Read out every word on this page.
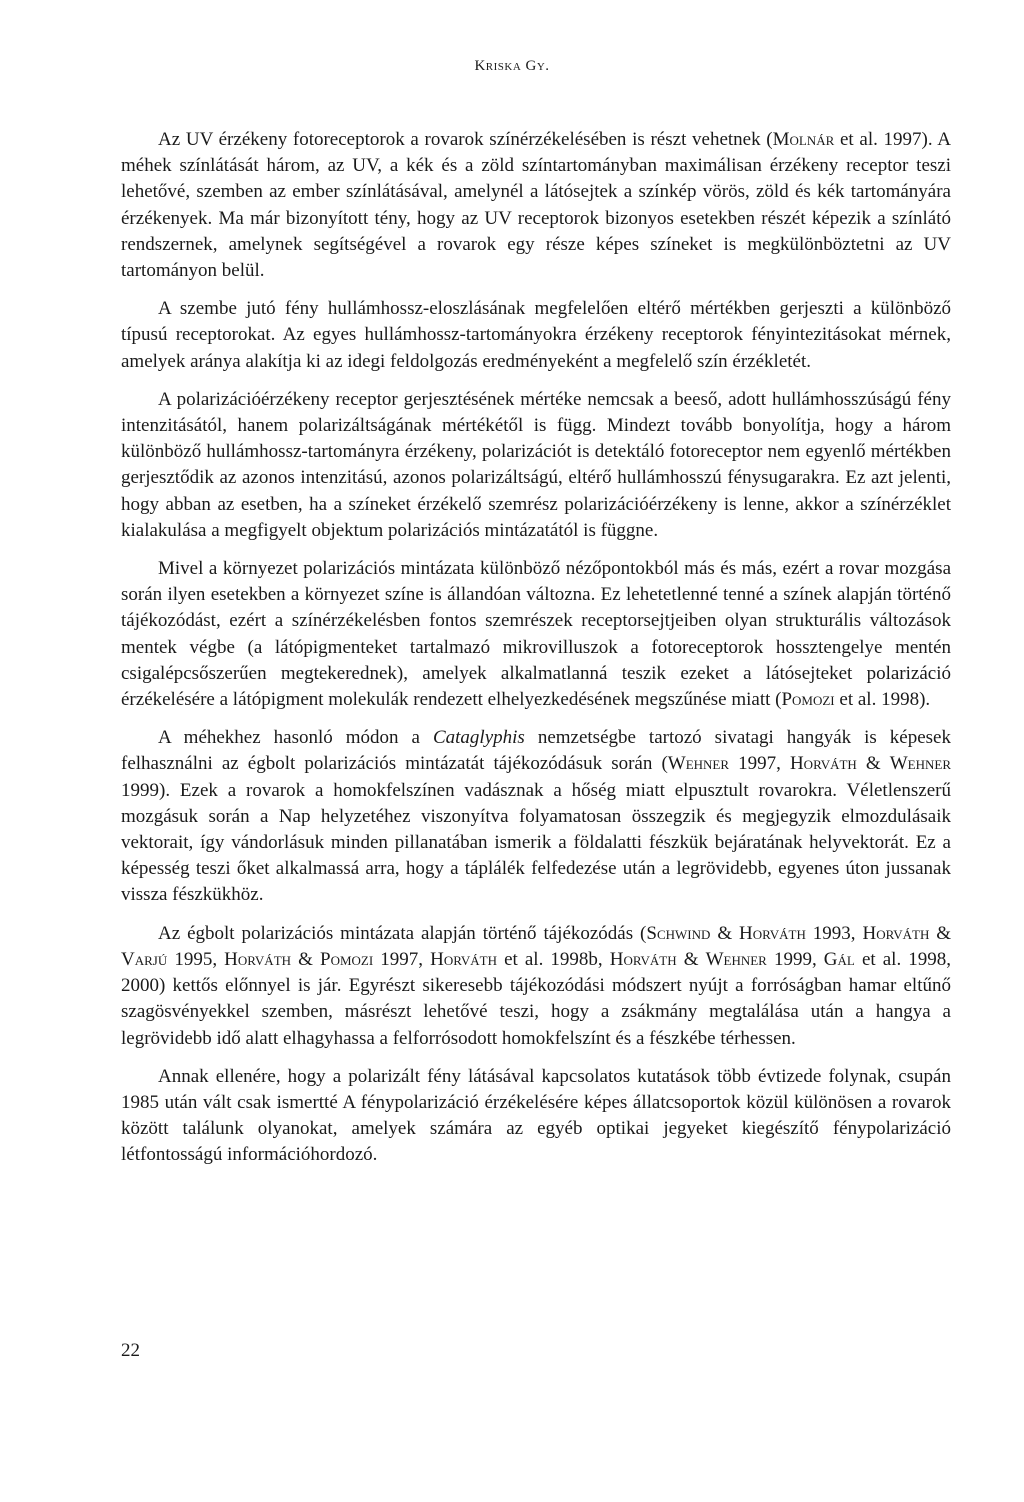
Kriska Gy.

Az UV érzékeny fotoreceptorok a rovarok színérzékelésében is részt vehetnek (Molnár et al. 1997). A méhek színlátását három, az UV, a kék és a zöld színtartományban maximálisan érzékeny receptor teszi lehetővé, szemben az ember színlátásával, amelynél a látósejtek a színkép vörös, zöld és kék tartományára érzékenyek. Ma már bizonyított tény, hogy az UV receptorok bizonyos esetekben részét képezik a színlátó rendszernek, amelynek segítségével a rovarok egy része képes színeket is megkülönböztetni az UV tartományon belül.

A szembe jutó fény hullámhossz-eloszlásának megfelelően eltérő mértékben gerjeszti a különböző típusú receptorokat. Az egyes hullámhossz-tartományokra érzékeny receptorok fényintezitásokat mérnek, amelyek aránya alakítja ki az idegi feldolgozás eredményeként a megfelelő szín érzékletét.

A polarizációérzékeny receptor gerjesztésének mértéke nemcsak a beeső, adott hullámhosszúságú fény intenzitásától, hanem polarizáltságának mértékétől is függ. Mindezt tovább bonyolítja, hogy a három különböző hullámhossz-tartományra érzékeny, polarizációt is detektáló fotoreceptor nem egyenlő mértékben gerjesztődik az azonos intenzitású, azonos polarizáltságú, eltérő hullámhosszú fénysugarakra. Ez azt jelenti, hogy abban az esetben, ha a színeket érzékelő szemrész polarizációérzékeny is lenne, akkor a színérzéklet kialakulása a megfigyelt objektum polarizációs mintázatától is függne.

Mivel a környezet polarizációs mintázata különböző nézőpontokból más és más, ezért a rovar mozgása során ilyen esetekben a környezet színe is állandóan változna. Ez lehetetlenné tenné a színek alapján történő tájékozódást, ezért a színérzékelésben fontos szemrészek receptorsejtjeiben olyan strukturális változások mentek végbe (a látópigmenteket tartalmazó mikrovilluszok a fotoreceptorok hossztengelye mentén csigalépcsőszerűen megtekerednek), amelyek alkalmatlanná teszik ezeket a látósejteket polarizáció érzékelésére a látópigment molekulák rendezett elhelyezkedésének megszűnése miatt (Pomozi et al. 1998).

A méhekhez hasonló módon a Cataglyphis nemzetségbe tartozó sivatagi hangyák is képesek felhasználni az égbolt polarizációs mintázatát tájékozódásuk során (Wehner 1997, Horváth & Wehner 1999). Ezek a rovarok a homokfelszínen vadásznak a hőség miatt elpusztult rovarokra. Véletlenszerű mozgásuk során a Nap helyzetéhez viszonyítva folyamatosan összegzik és megjegyzik elmozdulásaik vektorait, így vándorlásuk minden pillanatában ismerik a földalatti fészkük bejáratának helyvektorát. Ez a képesség teszi őket alkalmassá arra, hogy a táplálék felfedezése után a legrövidebb, egyenes úton jussanak vissza fészkükhöz.

Az égbolt polarizációs mintázata alapján történő tájékozódás (Schwind & Horváth 1993, Horváth & Varjú 1995, Horváth & Pomozi 1997, Horváth et al. 1998b, Horváth & Wehner 1999, Gál et al. 1998, 2000) kettős előnnyel is jár. Egyrészt sikeresebb tájékozódási módszert nyújt a forróságban hamar eltűnő szagösvényekkel szemben, másrészt lehetővé teszi, hogy a zsákmány megtalálása után a hangya a legrövidebb idő alatt elhagyhassa a felforrósodott homokfelszínt és a fészkébe térhessen.

Annak ellenére, hogy a polarizált fény látásával kapcsolatos kutatások több évtizede folynak, csupán 1985 után vált csak ismertté A fénypolarizáció érzékelésére képes állatcsoportok közül különösen a rovarok között találunk olyanokat, amelyek számára az egyéb optikai jegyeket kiegészítő fénypolarizáció létfontosságú információhordozó.

22
